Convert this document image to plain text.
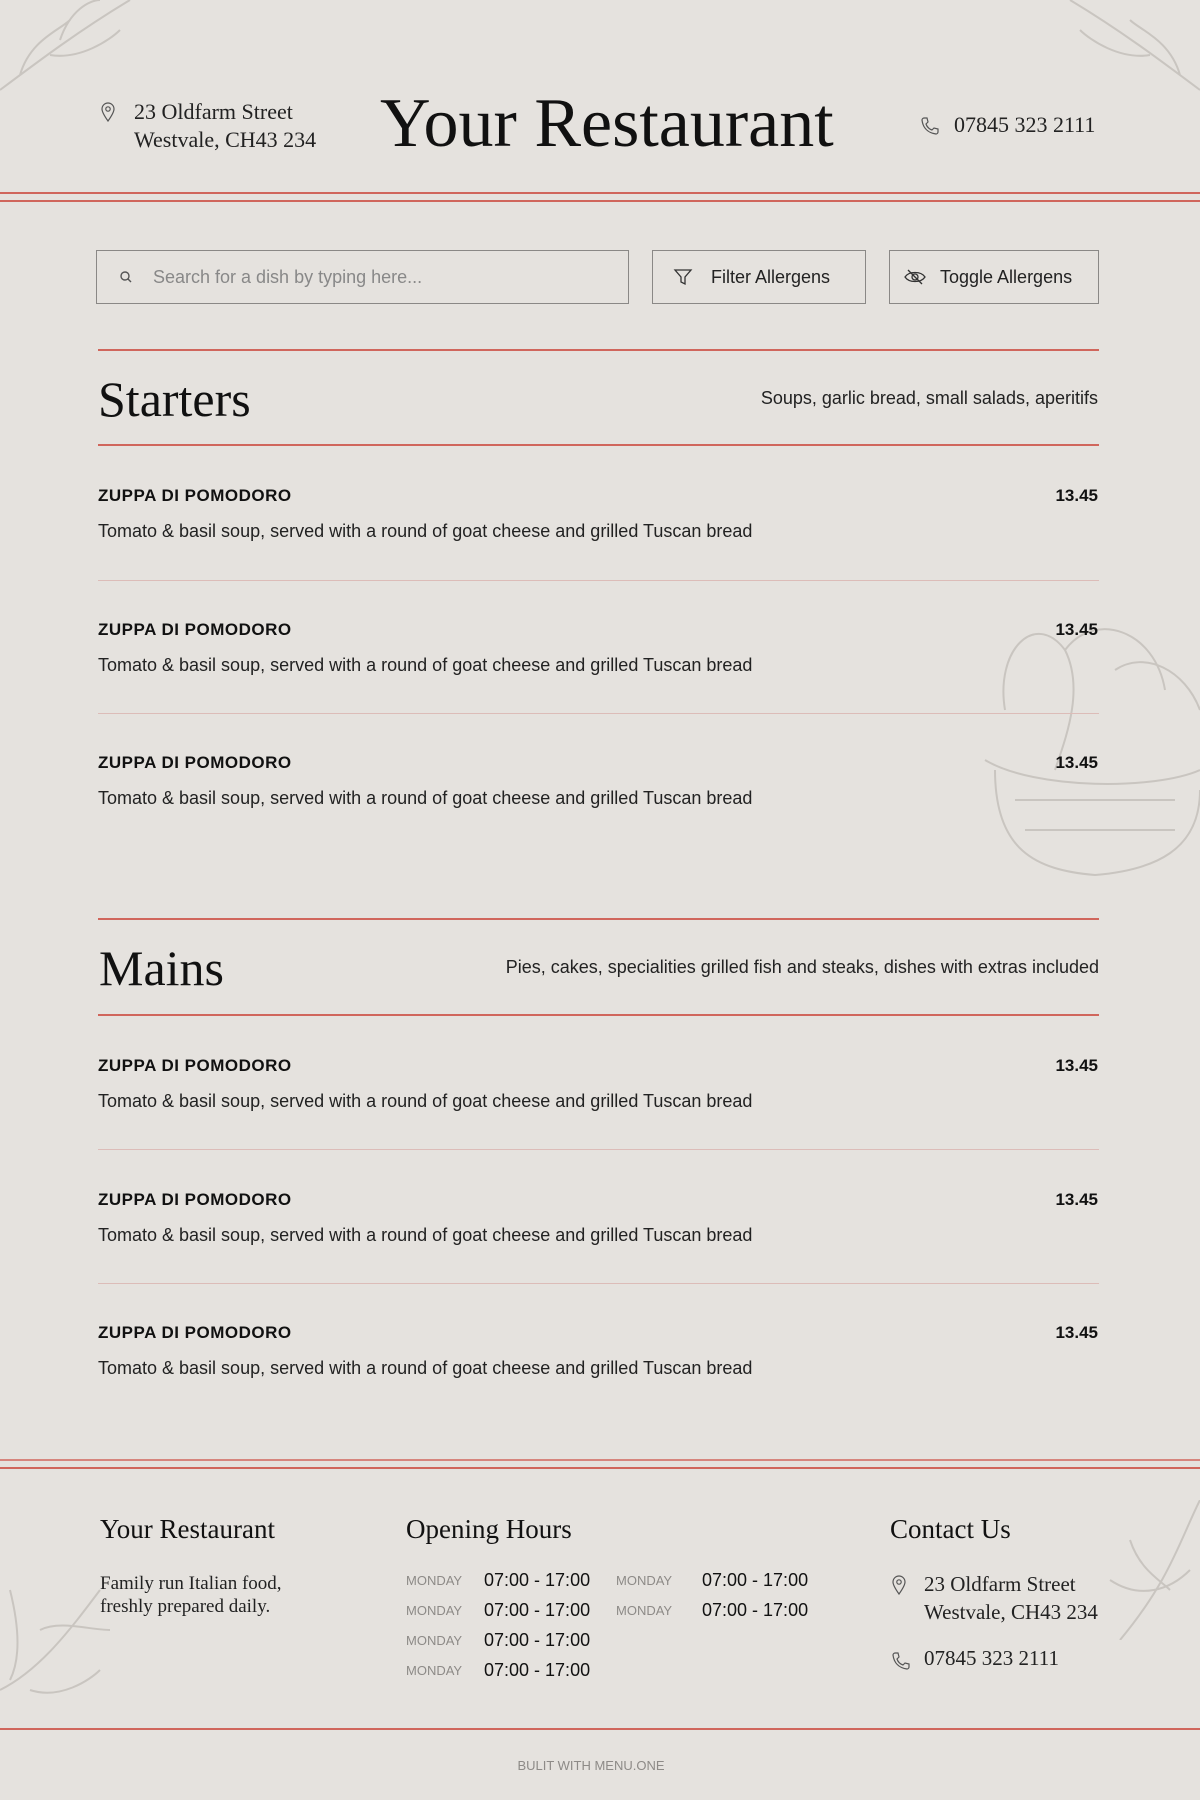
23 Oldfarm Street
Westvale, CH43 234 Your Restaurant	07845 323 2111
Search for a dish by typing here...	Filter Allergens	Toggle Allergens
Starters	Soups, garlic bread, small salads, aperitifs
ZUPPA DI POMODORO	13.45
Tomato & basil soup, served with a round of goat cheese and grilled Tuscan bread
ZUPPA DI POMODORO	13.45
Tomato & basil soup, served with a round of goat cheese and grilled Tuscan bread
ZUPPA DI POMODORO	13.45
Tomato & basil soup, served with a round of goat cheese and grilled Tuscan bread
Mains	Pies, cakes, specialities grilled fish and steaks, dishes with extras included
ZUPPA DI POMODORO	13.45
Tomato & basil soup, served with a round of goat cheese and grilled Tuscan bread
ZUPPA DI POMODORO	13.45
Tomato & basil soup, served with a round of goat cheese and grilled Tuscan bread
ZUPPA DI POMODORO	13.45
Tomato & basil soup, served with a round of goat cheese and grilled Tuscan bread
Your Restaurant
Family run Italian food,
freshly prepared daily.
Opening Hours
MONDAY	07:00 - 17:00 MONDAY	07:00 - 17:00
MONDAY	07:00 - 17:00 MONDAY	07:00 - 17:00
MONDAY	07:00 - 17:00
MONDAY	07:00 - 17:00
Contact Us
23 Oldfarm Street
Westvale, CH43 234
07845 323 2111
BULIT WITH MENU.ONE
